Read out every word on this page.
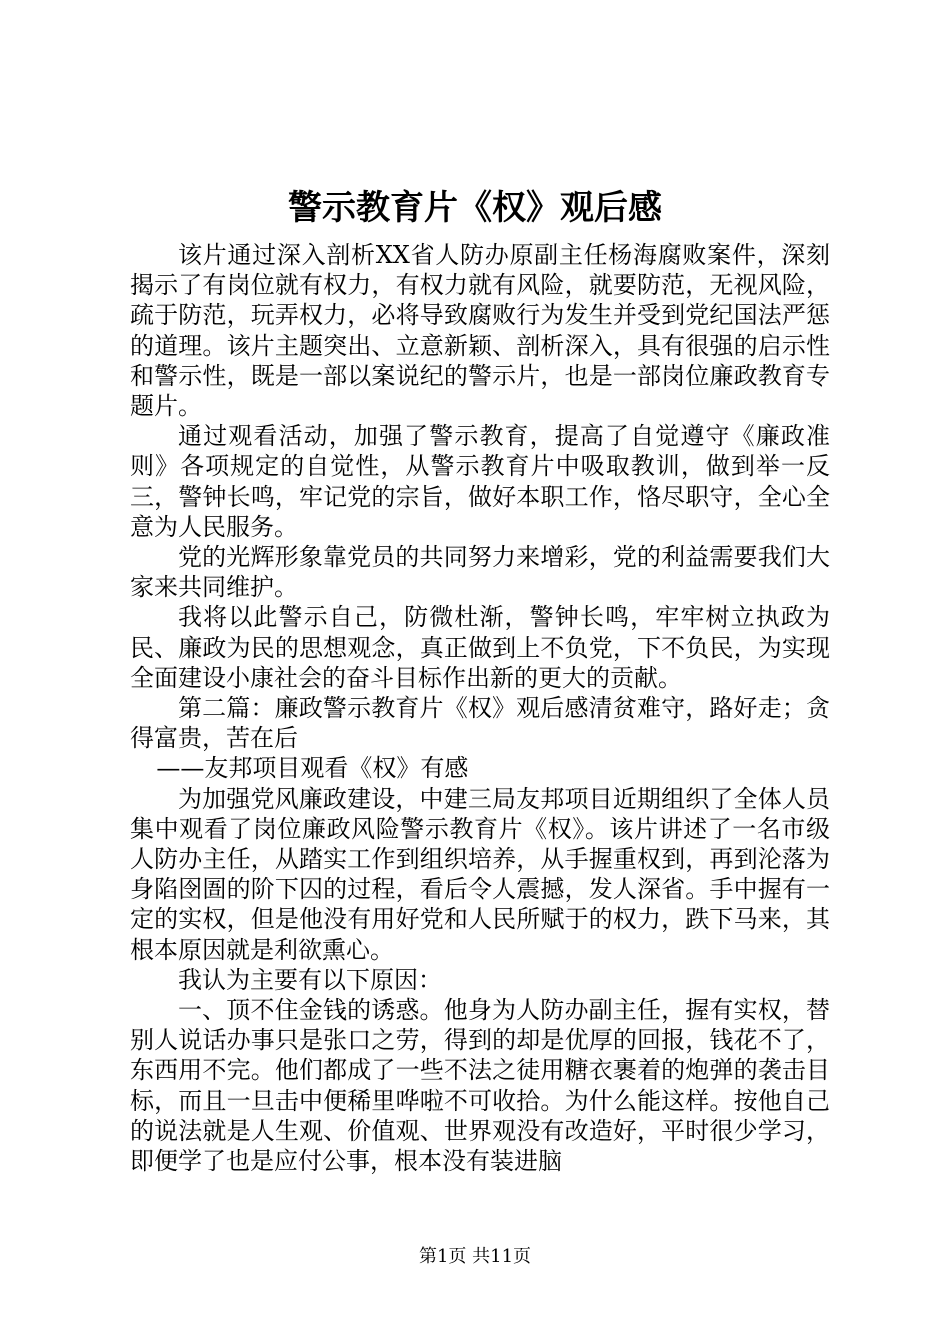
警示教育片《权》观后感

该片通过深入剖析XX省人防办原副主任杨海腐败案件，深刻揭示了有岗位就有权力，有权力就有风险，就要防范，无视风险，疏于防范，玩弄权力，必将导致腐败行为发生并受到党纪国法严惩的道理。该片主题突出、立意新颖、剖析深入，具有很强的启示性和警示性，既是一部以案说纪的警示片，也是一部岗位廉政教育专题片。

通过观看活动，加强了警示教育，提高了自觉遵守《廉政准则》各项规定的自觉性，从警示教育片中吸取教训，做到举一反三，警钟长鸣，牢记党的宗旨，做好本职工作，恪尽职守，全心全意为人民服务。

党的光辉形象靠党员的共同努力来增彩，党的利益需要我们大家来共同维护。

我将以此警示自己，防微杜渐，警钟长鸣，牢牢树立执政为民、廉政为民的思想观念，真正做到上不负党，下不负民，为实现全面建设小康社会的奋斗目标作出新的更大的贡献。

第二篇：廉政警示教育片《权》观后感清贫难守，路好走；贪得富贵，苦在后

——友邦项目观看《权》有感

为加强党风廉政建设，中建三局友邦项目近期组织了全体人员集中观看了岗位廉政风险警示教育片《权》。该片讲述了一名市级人防办主任，从踏实工作到组织培养，从手握重权到，再到沦落为身陷囹圄的阶下囚的过程，看后令人震撼，发人深省。手中握有一定的实权，但是他没有用好党和人民所赋于的权力，跌下马来，其根本原因就是利欲熏心。

我认为主要有以下原因：

一、顶不住金钱的诱惑。他身为人防办副主任，握有实权，替别人说话办事只是张口之劳，得到的却是优厚的回报，钱花不了，东西用不完。他们都成了一些不法之徒用糖衣裹着的炮弹的袭击目标，而且一旦击中便稀里哗啦不可收拾。为什么能这样。按他自己的说法就是人生观、价值观、世界观没有改造好，平时很少学习，即便学了也是应付公事，根本没有装进脑

第1页 共11页
